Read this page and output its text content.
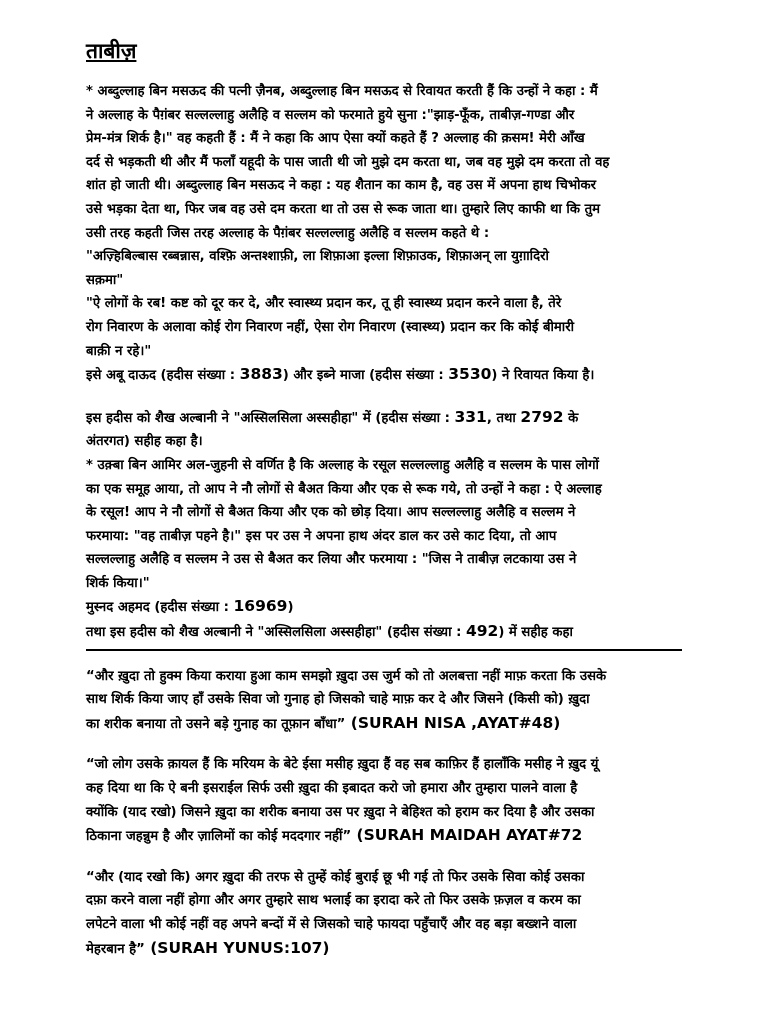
ताबीज़

* अब्दुल्लाह बिन मसऊद की पत्नी ज़ैनब, अब्दुल्लाह बिन मसऊद से रिवायत करती हैं कि उन्हों ने कहा : मैं
ने अल्लाह के पैग़ंबर सल्लल्लाहु अलैहि व सल्लम को फरमाते हुये सुना :"झाड़-फूँक, ताबीज़-गण्डा और
प्रेम-मंत्र शिर्क है।" वह कहती हैं : मैं ने कहा कि आप ऐसा क्यों कहते हैं ? अल्लाह की क़सम! मेरी आँख
दर्द से भड़कती थी और मैं फलाँ यहूदी के पास जाती थी जो मुझे दम करता था, जब वह मुझे दम करता तो वह
शांत हो जाती थी। अब्दुल्लाह बिन मसऊद ने कहा : यह शैतान का काम है, वह उस में अपना हाथ चिभोकर
उसे भड़का देता था, फिर जब वह उसे दम करता था तो उस से रूक जाता था। तुम्हारे लिए काफी था कि तुम
उसी तरह कहती जिस तरह अल्लाह के पैग़ंबर सल्लल्लाहु अलैहि व सल्लम कहते थे :
"अज़्हिबिल्बास रब्बन्नास, वश्फ़ि अन्तश्शाफ़ी, ला शिफ़ाआ इल्ला शिफ़ाउक, शिफ़ाअन् ला युग़ादिरो
सक़मा"
"ऐ लोगों के रब! कष्ट को दूर कर दे, और स्वास्थ्य प्रदान कर, तू ही स्वास्थ्य प्रदान करने वाला है, तेरे
रोग निवारण के अलावा कोई रोग निवारण नहीं, ऐसा रोग निवारण (स्वास्थ्य) प्रदान कर कि कोई बीमारी
बाक़ी न रहे।"
इसे अबू दाऊद (हदीस संख्या : 3883) और इब्ने माजा (हदीस संख्या : 3530) ने रिवायत किया है।

इस हदीस को शैख अल्बानी ने "अस्सिलसिला अस्सहीहा" में (हदीस संख्या : 331, तथा 2792 के
अंतरगत) सहीह कहा है।
* उक़्बा बिन आमिर अल-जुहनी से वर्णित है कि अल्लाह के रसूल सल्लल्लाहु अलैहि व सल्लम के पास लोगों
का एक समूह आया, तो आप ने नौ लोगों से बैअत किया और एक से रूक गये, तो उन्हों ने कहा : ऐ अल्लाह
के रसूल! आप ने नौ लोगों से बैअत किया और एक को छोड़ दिया। आप सल्लल्लाहु अलैहि व सल्लम ने
फरमाया: "वह ताबीज़ पहने है।" इस पर उस ने अपना हाथ अंदर डाल कर उसे काट दिया, तो आप
सल्लल्लाहु अलैहि व सल्लम ने उस से बैअत कर लिया और फरमाया : "जिस ने ताबीज़ लटकाया उस ने
शिर्क किया।"
मुस्नद अहमद (हदीस संख्या : 16969)
तथा इस हदीस को शैख अल्बानी ने "अस्सिलसिला अस्सहीहा" (हदीस संख्या : 492) में सहीह कहा

“और ख़ुदा तो हुक्म किया कराया हुआ काम समझो ख़ुदा उस जुर्म को तो अलबत्ता नहीं माफ़ करता कि उसके
साथ शिर्क किया जाए हाँ उसके सिवा जो गुनाह हो जिसको चाहे माफ़ कर दे और जिसने (किसी को) ख़ुदा
का शरीक बनाया तो उसने बड़े गुनाह का तूफ़ान बाँधा” (SURAH NISA ,AYAT#48)

“जो लोग उसके क़ायल हैं कि मरियम के बेटे ईसा मसीह ख़ुदा हैं वह सब काफ़िर हैं हालाँकि मसीह ने ख़ुद यूं
कह दिया था कि ऐ बनी इसराईल सिर्फ उसी ख़ुदा की इबादत करो जो हमारा और तुम्हारा पालने वाला है
क्योंकि (याद रखो) जिसने ख़ुदा का शरीक बनाया उस पर ख़ुदा ने बेहिश्त को हराम कर दिया है और उसका
ठिकाना जहन्नुम है और ज़ालिमों का कोई मददगार नहीं” (SURAH MAIDAH AYAT#72

“और (याद रखो कि) अगर ख़ुदा की तरफ से तुम्हें कोई बुराई छू भी गई तो फिर उसके सिवा कोई उसका
दफ़ा करने वाला नहीं होगा और अगर तुम्हारे साथ भलाई का इरादा करे तो फिर उसके फ़ज़ल व करम का
लपेटने वाला भी कोई नहीं वह अपने बन्दों में से जिसको चाहे फायदा पहुँचाएँ और वह बड़ा बख्शने वाला
मेहरबान है” (SURAH YUNUS:107)
